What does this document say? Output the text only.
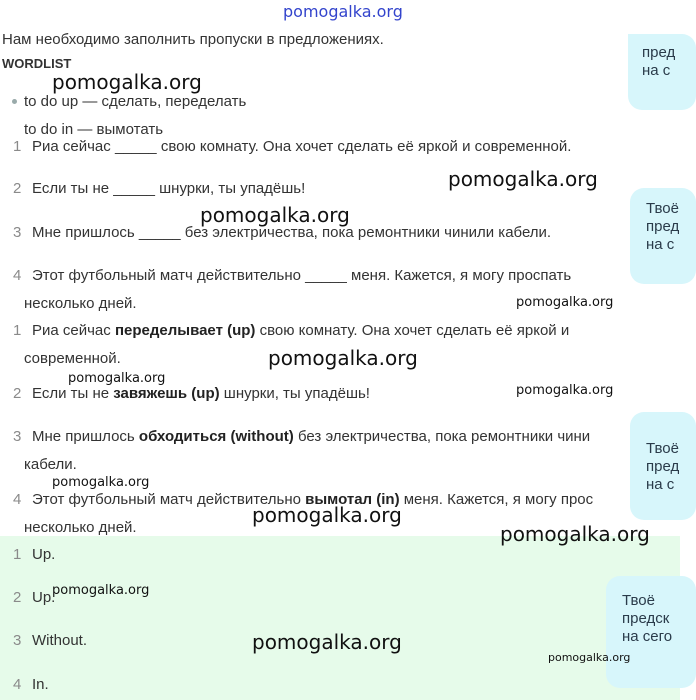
pomogalka.org
Нам необходимо заполнить пропуски в предложениях.
WORDLIST
to do up — сделать, переделать
to do in — вымотать
1 Риа сейчас _____ свою комнату. Она хочет сделать её яркой и современной.
2 Если ты не _____ шнурки, ты упадёшь!
3 Мне пришлось _____ без электричества, пока ремонтники чинили кабели.
4 Этот футбольный матч действительно _____ меня. Кажется, я могу проспать
несколько дней.
1 Риа сейчас переделывает (up) свою комнату. Она хочет сделать её яркой и
современной.
2 Если ты не завяжешь (up) шнурки, ты упадёшь!
3 Мне пришлось обходиться (without) без электричества, пока ремонтники чини
кабели.
4 Этот футбольный матч действительно вымотал (in) меня. Кажется, я могу прос
несколько дней.
1 Up.
2 Up.
3 Without.
4 In.
пред
на с
Твоё
пред
на с
Твоё
пред
на с
Твоё
предск
на сего
pomogalka.org
pomogalka.org
pomogalka.org
pomogalka.org
pomogalka.org
pomogalka.org
pomogalka.org
pomogalka.org
pomogalka.org
pomogalka.org
pomogalka.org
pomogalka.org
pomogalka.org
